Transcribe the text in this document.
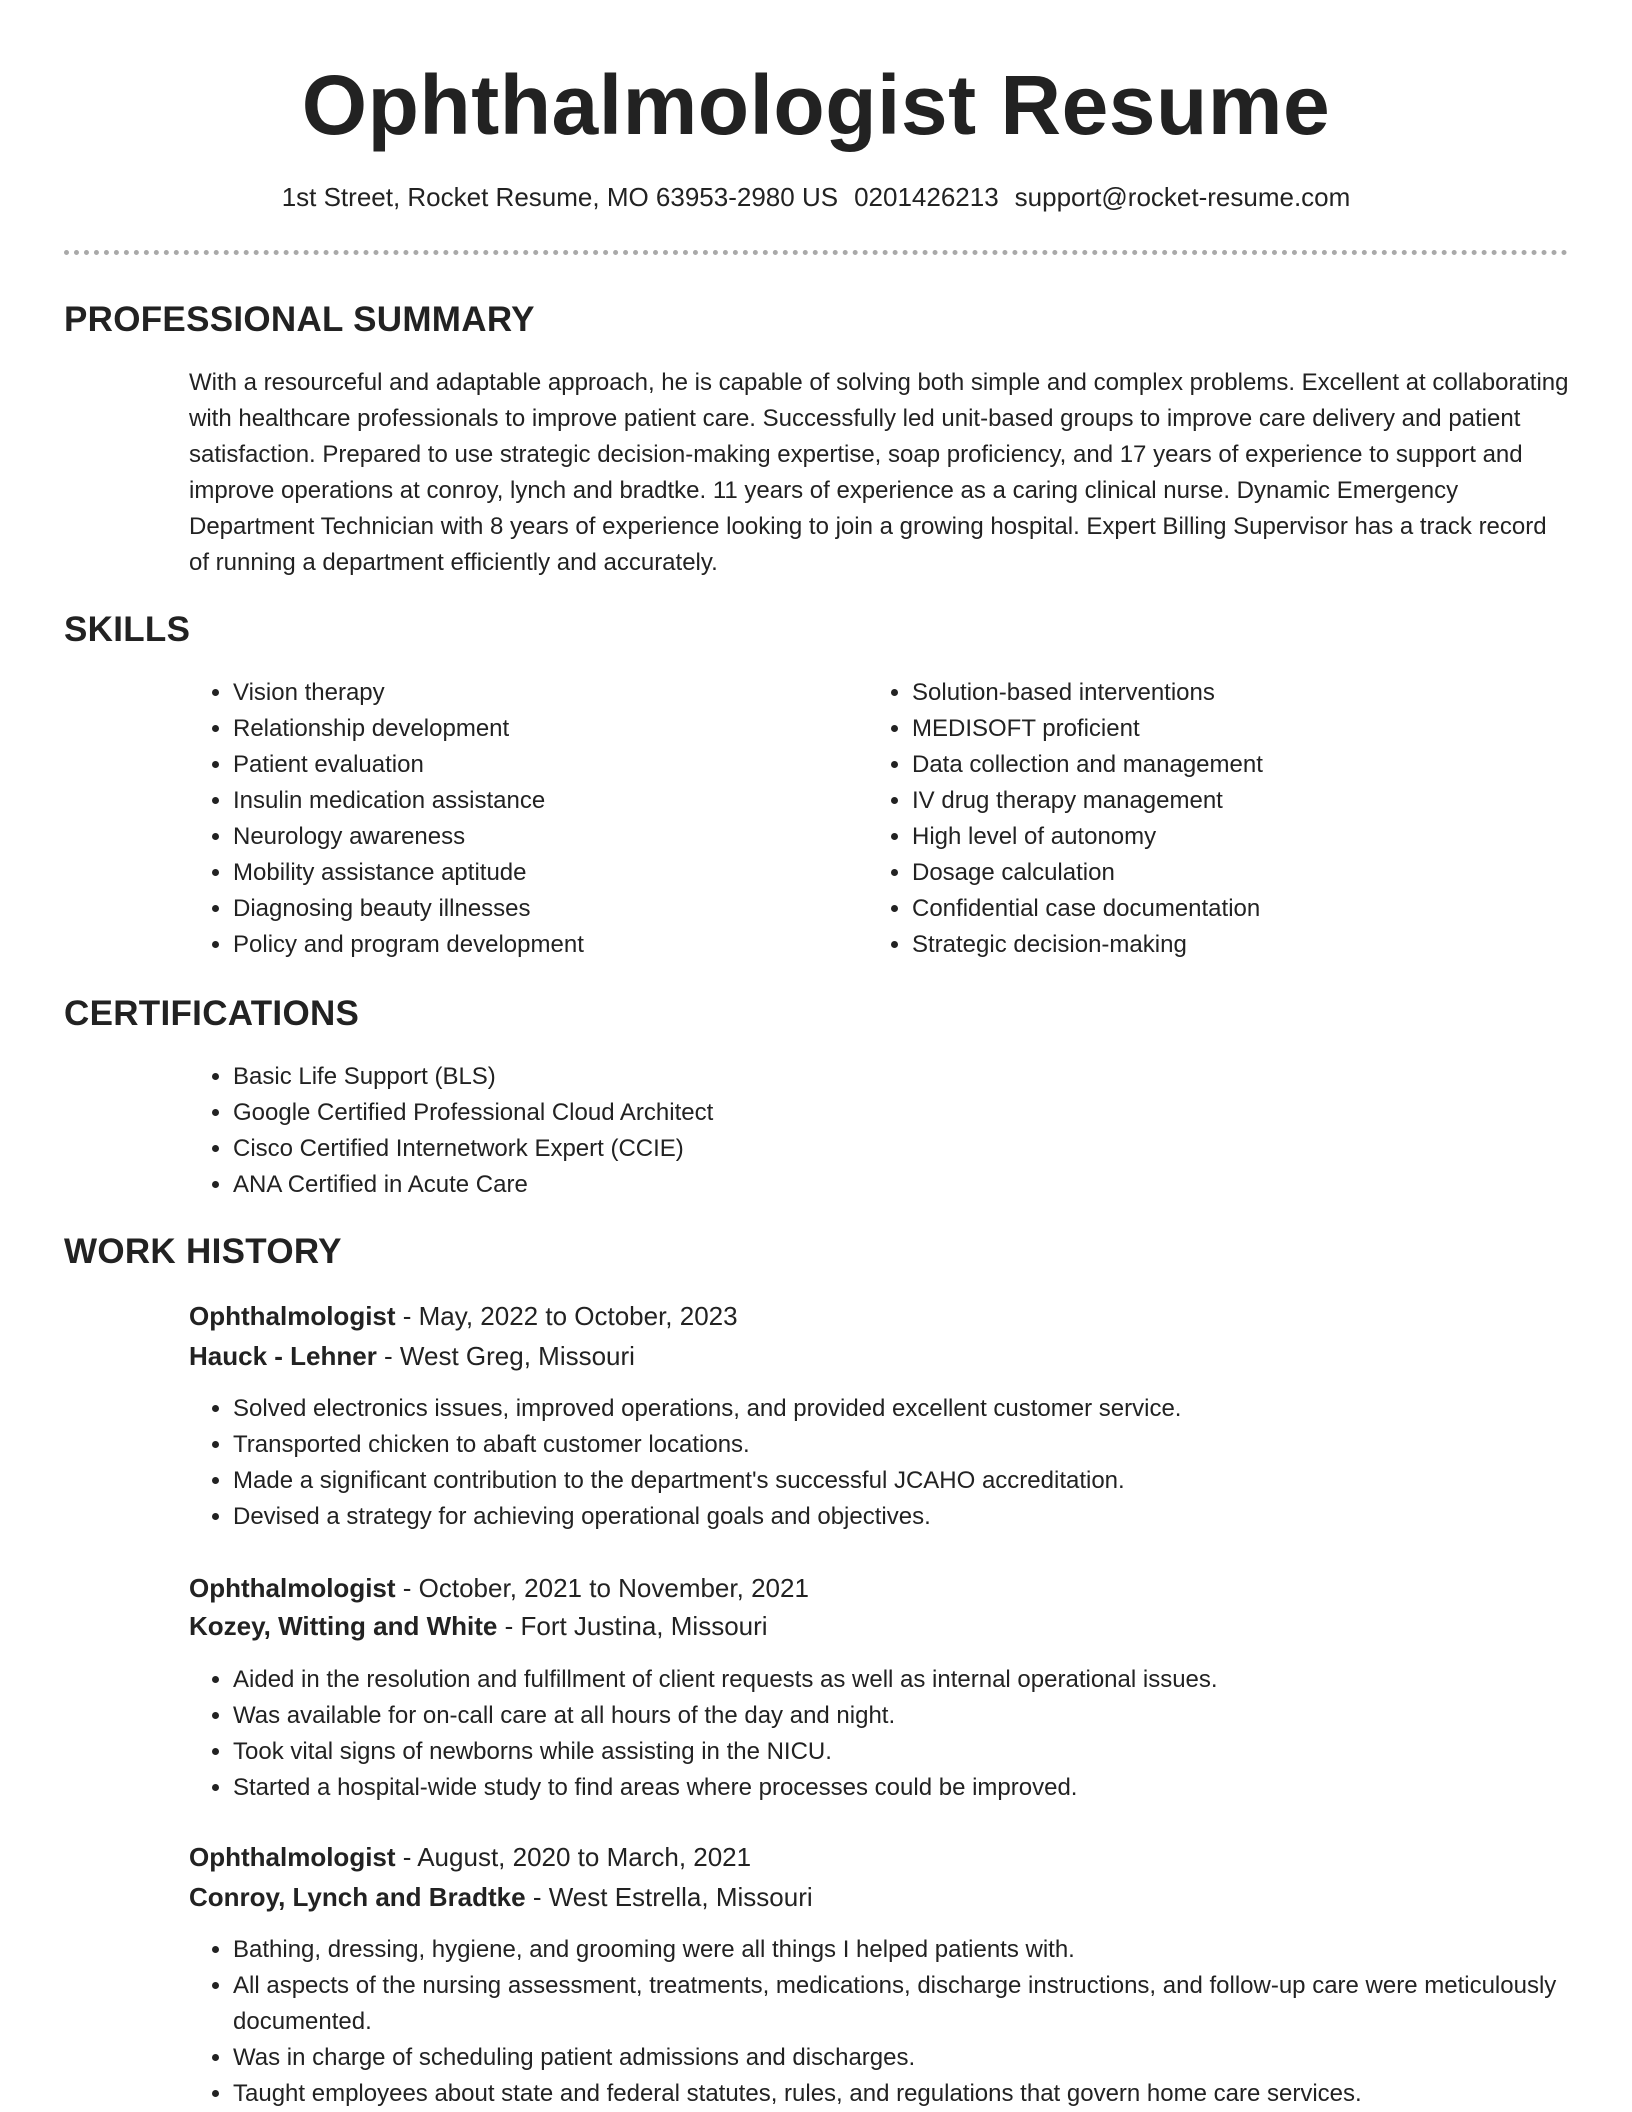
Ophthalmologist Resume
1st Street, Rocket Resume, MO 63953-2980 US 0201426213 support@rocket-resume.com
PROFESSIONAL SUMMARY

With a resourceful and adaptable approach, he is capable of solving both simple and complex problems. Excellent at collaborating with healthcare professionals to improve patient care. Successfully led unit-based groups to improve care delivery and patient satisfaction. Prepared to use strategic decision-making expertise, soap proficiency, and 17 years of experience to support and improve operations at conroy, lynch and bradtke. 11 years of experience as a caring clinical nurse. Dynamic Emergency Department Technician with 8 years of experience looking to join a growing hospital. Expert Billing Supervisor has a track record of running a department efficiently and accurately.

SKILLS
• Vision therapy
• Relationship development
• Patient evaluation
• Insulin medication assistance
• Neurology awareness
• Mobility assistance aptitude
• Diagnosing beauty illnesses
• Policy and program development
• Solution-based interventions
• MEDISOFT proficient
• Data collection and management
• IV drug therapy management
• High level of autonomy
• Dosage calculation
• Confidential case documentation
• Strategic decision-making
CERTIFICATIONS
• Basic Life Support (BLS)
• Google Certified Professional Cloud Architect
• Cisco Certified Internetwork Expert (CCIE)
• ANA Certified in Acute Care
WORK HISTORY

Ophthalmologist - May, 2022 to October, 2023

Hauck - Lehner - West Greg, Missouri

• Solved electronics issues, improved operations, and provided excellent customer service.
• Transported chicken to abaft customer locations.
• Made a significant contribution to the department's successful JCAHO accreditation.
• Devised a strategy for achieving operational goals and objectives.

Ophthalmologist - October, 2021 to November, 2021

Kozey, Witting and White - Fort Justina, Missouri

• Aided in the resolution and fulfillment of client requests as well as internal operational issues.
• Was available for on-call care at all hours of the day and night.
• Took vital signs of newborns while assisting in the NICU.
• Started a hospital-wide study to find areas where processes could be improved.

Ophthalmologist - August, 2020 to March, 2021

Conroy, Lynch and Bradtke - West Estrella, Missouri

• Bathing, dressing, hygiene, and grooming were all things I helped patients with.
• All aspects of the nursing assessment, treatments, medications, discharge instructions, and follow-up care were meticulously documented.
• Was in charge of scheduling patient admissions and discharges.
• Taught employees about state and federal statutes, rules, and regulations that govern home care services.
